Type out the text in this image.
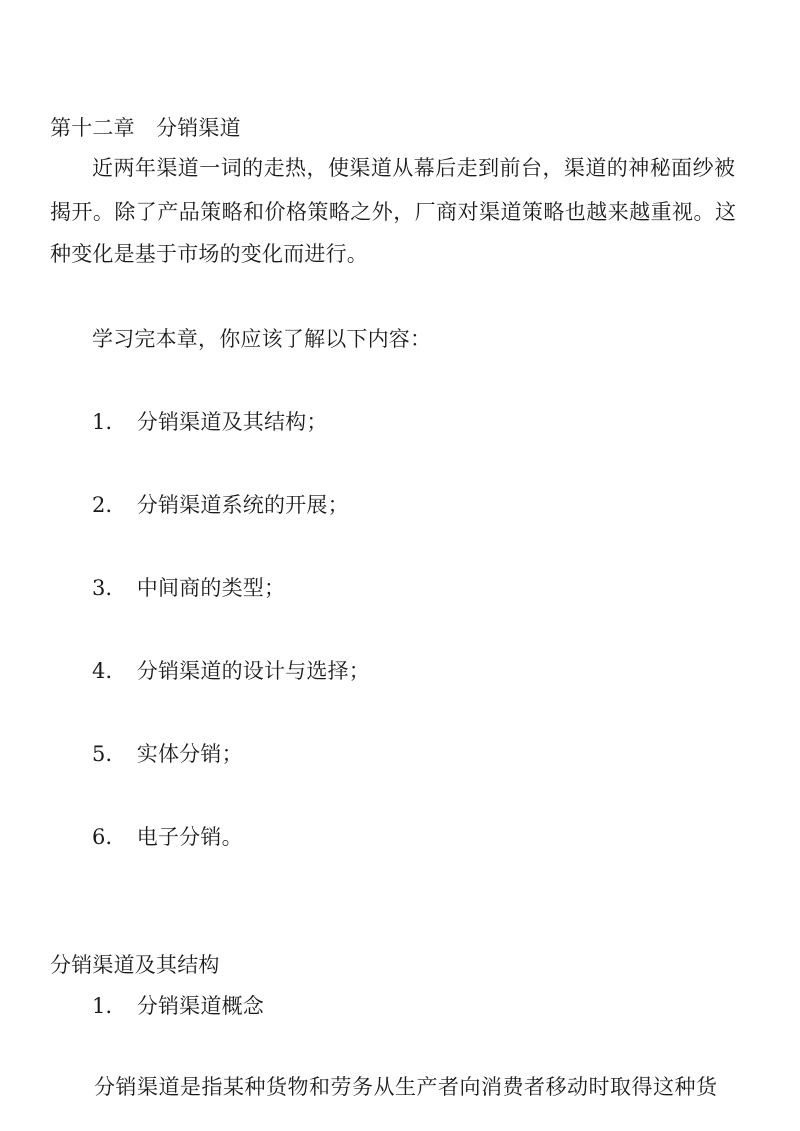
第十二章　分销渠道
近两年渠道一词的走热，使渠道从幕后走到前台，渠道的神秘面纱被
揭开。除了产品策略和价格策略之外，厂商对渠道策略也越来越重视。这
种变化是基于市场的变化而进行。
学习完本章，你应该了解以下内容：
1． 分销渠道及其结构；
2． 分销渠道系统的开展；
3． 中间商的类型；
4． 分销渠道的设计与选择；
5． 实体分销；
6． 电子分销。
分销渠道及其结构
1． 分销渠道概念
分销渠道是指某种货物和劳务从生产者向消费者移动时取得这种货
